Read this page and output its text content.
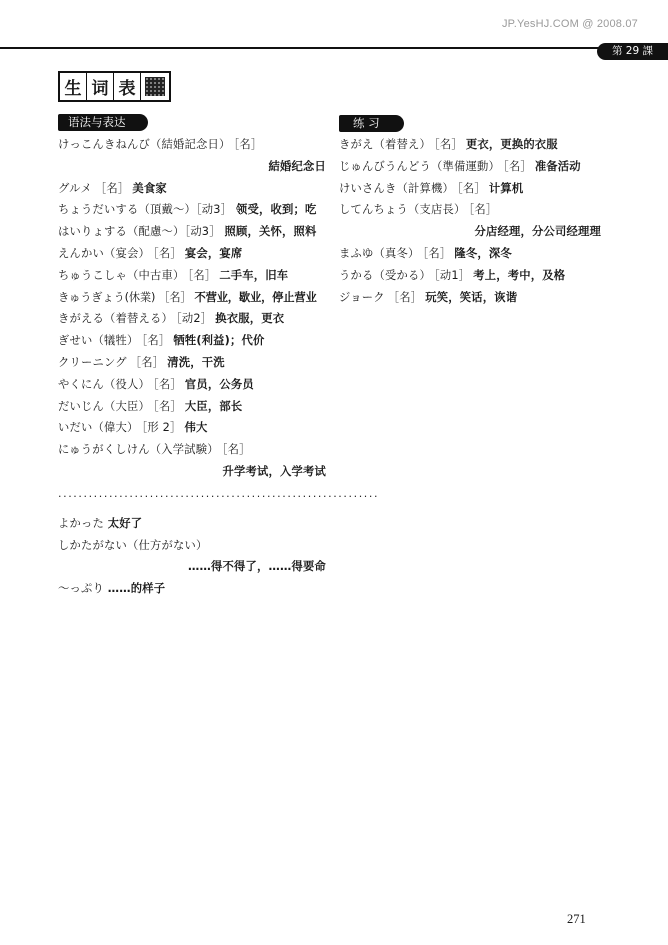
JP.YesHJ.COM @ 2008.07
第 29 課
生 词 表
语法与表达	练 习
けっこんきねんび（結婚記念日） ［名］
結婚纪念日
グルメ ［名］ 美食家
ちょうだいする（頂戴～）［动3］ 领受，收到；吃
はいりょする（配慮～）［动3］ 照顾，关怀，照料
えんかい（宴会） ［名］ 宴会，宴席
ちゅうこしゃ（中古車） ［名］ 二手车，旧车
きゅうぎょう(休業) ［名］ 不营业，歇业，停止营业
きがえる（着替える） ［动2］ 换衣服，更衣
ぎせい（犠牲） ［名］ 牺牲(利益)；代价
クリーニング ［名］ 清洗，干洗
やくにん（役人） ［名］ 官员，公务员
だいじん（大臣） ［名］ 大臣，部长
いだい（偉大） ［形 2］ 伟大
にゅうがくしけん（入学試験） ［名］
升学考试，入学考试
·······························································
よかった 太好了
しかたがない（仕方がない）
……得不得了，……得要命
～っぷり ……的样子
きがえ（着替え） ［名］ 更衣，更换的衣服
じゅんびうんどう（準備運動） ［名］ 准备活动
けいさんき（計算機） ［名］ 计算机
してんちょう（支店長） ［名］
分店经理，分公司经理理
まふゆ（真冬） ［名］ 隆冬，深冬
うかる（受かる） ［动1］ 考上，考中，及格
ジョーク ［名］ 玩笑，笑话，诙谐
271
